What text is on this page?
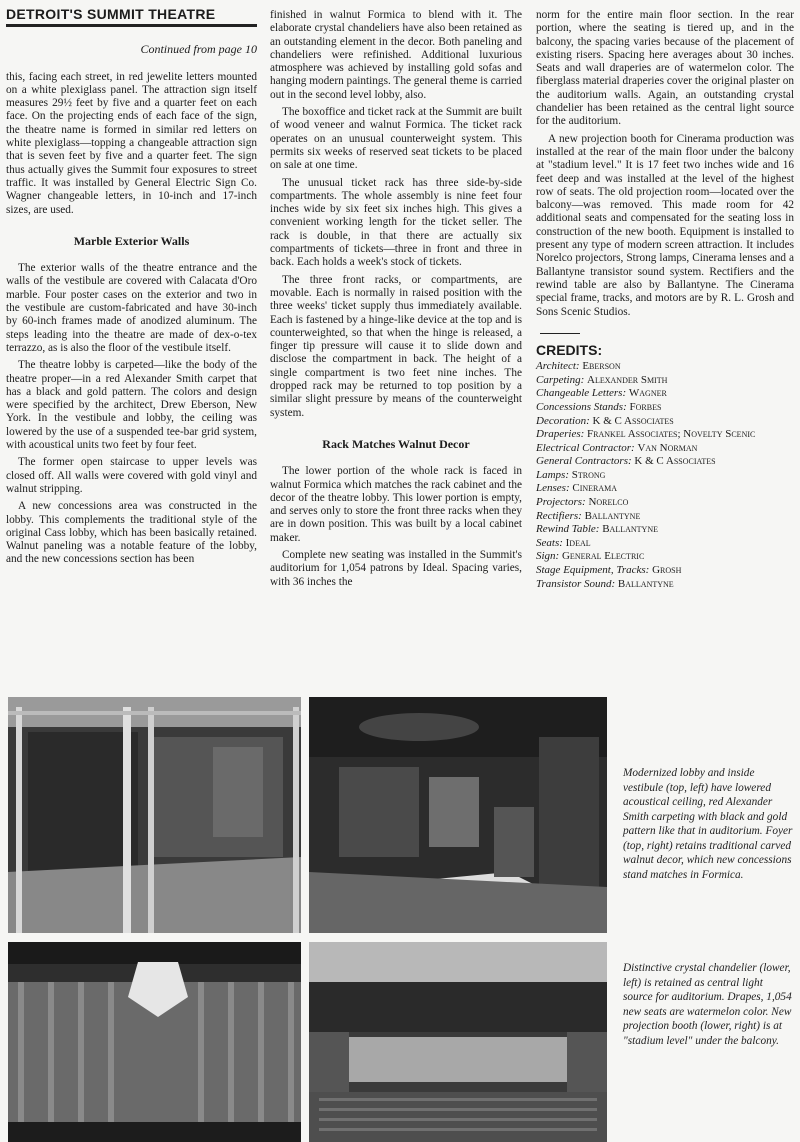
DETROIT'S SUMMIT THEATRE
Continued from page 10

this, facing each street, in red jewelite letters mounted on a white plexiglass panel. The attraction sign itself measures 29½ feet by five and a quarter feet on each face. On the projecting ends of each face of the sign, the theatre name is formed in similar red letters on white plexiglass—topping a changeable attraction sign that is seven feet by five and a quarter feet. The sign thus actually gives the Summit four exposures to street traffic. It was installed by General Electric Sign Co. Wagner changeable letters, in 10-inch and 17-inch sizes, are used.

Marble Exterior Walls

The exterior walls of the theatre entrance and the walls of the vestibule are covered with Calacata d'Oro marble. Four poster cases on the exterior and two in the vestibule are custom-fabricated and have 30-inch by 60-inch frames made of anodized aluminum. The steps leading into the theatre are made of dex-o-tex terrazzo, as is also the floor of the vestibule itself.

The theatre lobby is carpeted—like the body of the theatre proper—in a red Alexander Smith carpet that has a black and gold pattern. The colors and design were specified by the architect, Drew Eberson, New York. In the vestibule and lobby, the ceiling was lowered by the use of a suspended tee-bar grid system, with acoustical units two feet by four feet.

The former open staircase to upper levels was closed off. All walls were covered with gold vinyl and walnut stripping.

A new concessions area was constructed in the lobby. This complements the traditional style of the original Cass lobby, which has been basically retained. Walnut paneling was a notable feature of the lobby, and the new concessions section has been

finished in walnut Formica to blend with it. The elaborate crystal chandeliers have also been retained as an outstanding element in the decor. Both paneling and chandeliers were refinished. Additional luxurious atmosphere was achieved by installing gold sofas and hanging modern paintings. The general theme is carried out in the second level lobby, also.

The boxoffice and ticket rack at the Summit are built of wood veneer and walnut Formica. The ticket rack operates on an unusual counterweight system. This permits six weeks of reserved seat tickets to be placed on sale at one time.

The unusual ticket rack has three side-by-side compartments. The whole assembly is nine feet four inches wide by six feet six inches high. This gives a convenient working length for the ticket seller. The rack is double, in that there are actually six compartments of tickets—three in front and three in back. Each holds a week's stock of tickets.

The three front racks, or compartments, are movable. Each is normally in raised position with the three weeks' ticket supply thus immediately available. Each is fastened by a hinge-like device at the top and is counterweighted, so that when the hinge is released, a finger tip pressure will cause it to slide down and disclose the compartment in back. The height of a single compartment is two feet nine inches. The dropped rack may be returned to top position by a similar slight pressure by means of the counterweight system.

Rack Matches Walnut Decor

The lower portion of the whole rack is faced in walnut Formica which matches the rack cabinet and the decor of the theatre lobby. This lower portion is empty, and serves only to store the front three racks when they are in down position. This was built by a local cabinet maker.

Complete new seating was installed in the Summit's auditorium for 1,054 patrons by Ideal. Spacing varies, with 36 inches the

norm for the entire main floor section. In the rear portion, where the seating is tiered up, and in the balcony, the spacing varies because of the placement of existing risers. Spacing here averages about 30 inches. Seats and wall draperies are of watermelon color. The fiberglass material draperies cover the original plaster on the auditorium walls. Again, an outstanding crystal chandelier has been retained as the central light source for the auditorium.

A new projection booth for Cinerama production was installed at the rear of the main floor under the balcony at "stadium level." It is 17 feet two inches wide and 16 feet deep and was installed at the level of the highest row of seats. The old projection room—located over the balcony—was removed. This made room for 42 additional seats and compensated for the seating loss in construction of the new booth. Equipment is installed to present any type of modern screen attraction. It includes Norelco projectors, Strong lamps, Cinerama lenses and a Ballantyne transistor sound system. Rectifiers and the rewind table are also by Ballantyne. The Cinerama special frame, tracks, and motors are by R. L. Grosh and Sons Scenic Studios.

CREDITS:
Architect: Eberson
Carpeting: Alexander Smith
Changeable Letters: Wagner
Concessions Stands: Forbes
Decoration: K & C Associates
Draperies: Frankel Associates; Novelty Scenic
Electrical Contractor: Van Norman
General Contractors: K & C Associates
Lamps: Strong
Lenses: Cinerama
Projectors: Norelco
Rectifiers: Ballantyne
Rewind Table: Ballantyne
Seats: Ideal
Sign: General Electric
Stage Equipment, Tracks: Grosh
Transistor Sound: Ballantyne
Modernized lobby and inside vestibule (top, left) have lowered acoustical ceiling, red Alexander Smith carpeting with black and gold pattern like that in auditorium. Foyer (top, right) retains traditional carved walnut decor, which new concessions stand matches in Formica.
Distinctive crystal chandelier (lower, left) is retained as central light source for auditorium. Drapes, 1,054 new seats are watermelon color. New projection booth (lower, right) is at "stadium level" under the balcony.
